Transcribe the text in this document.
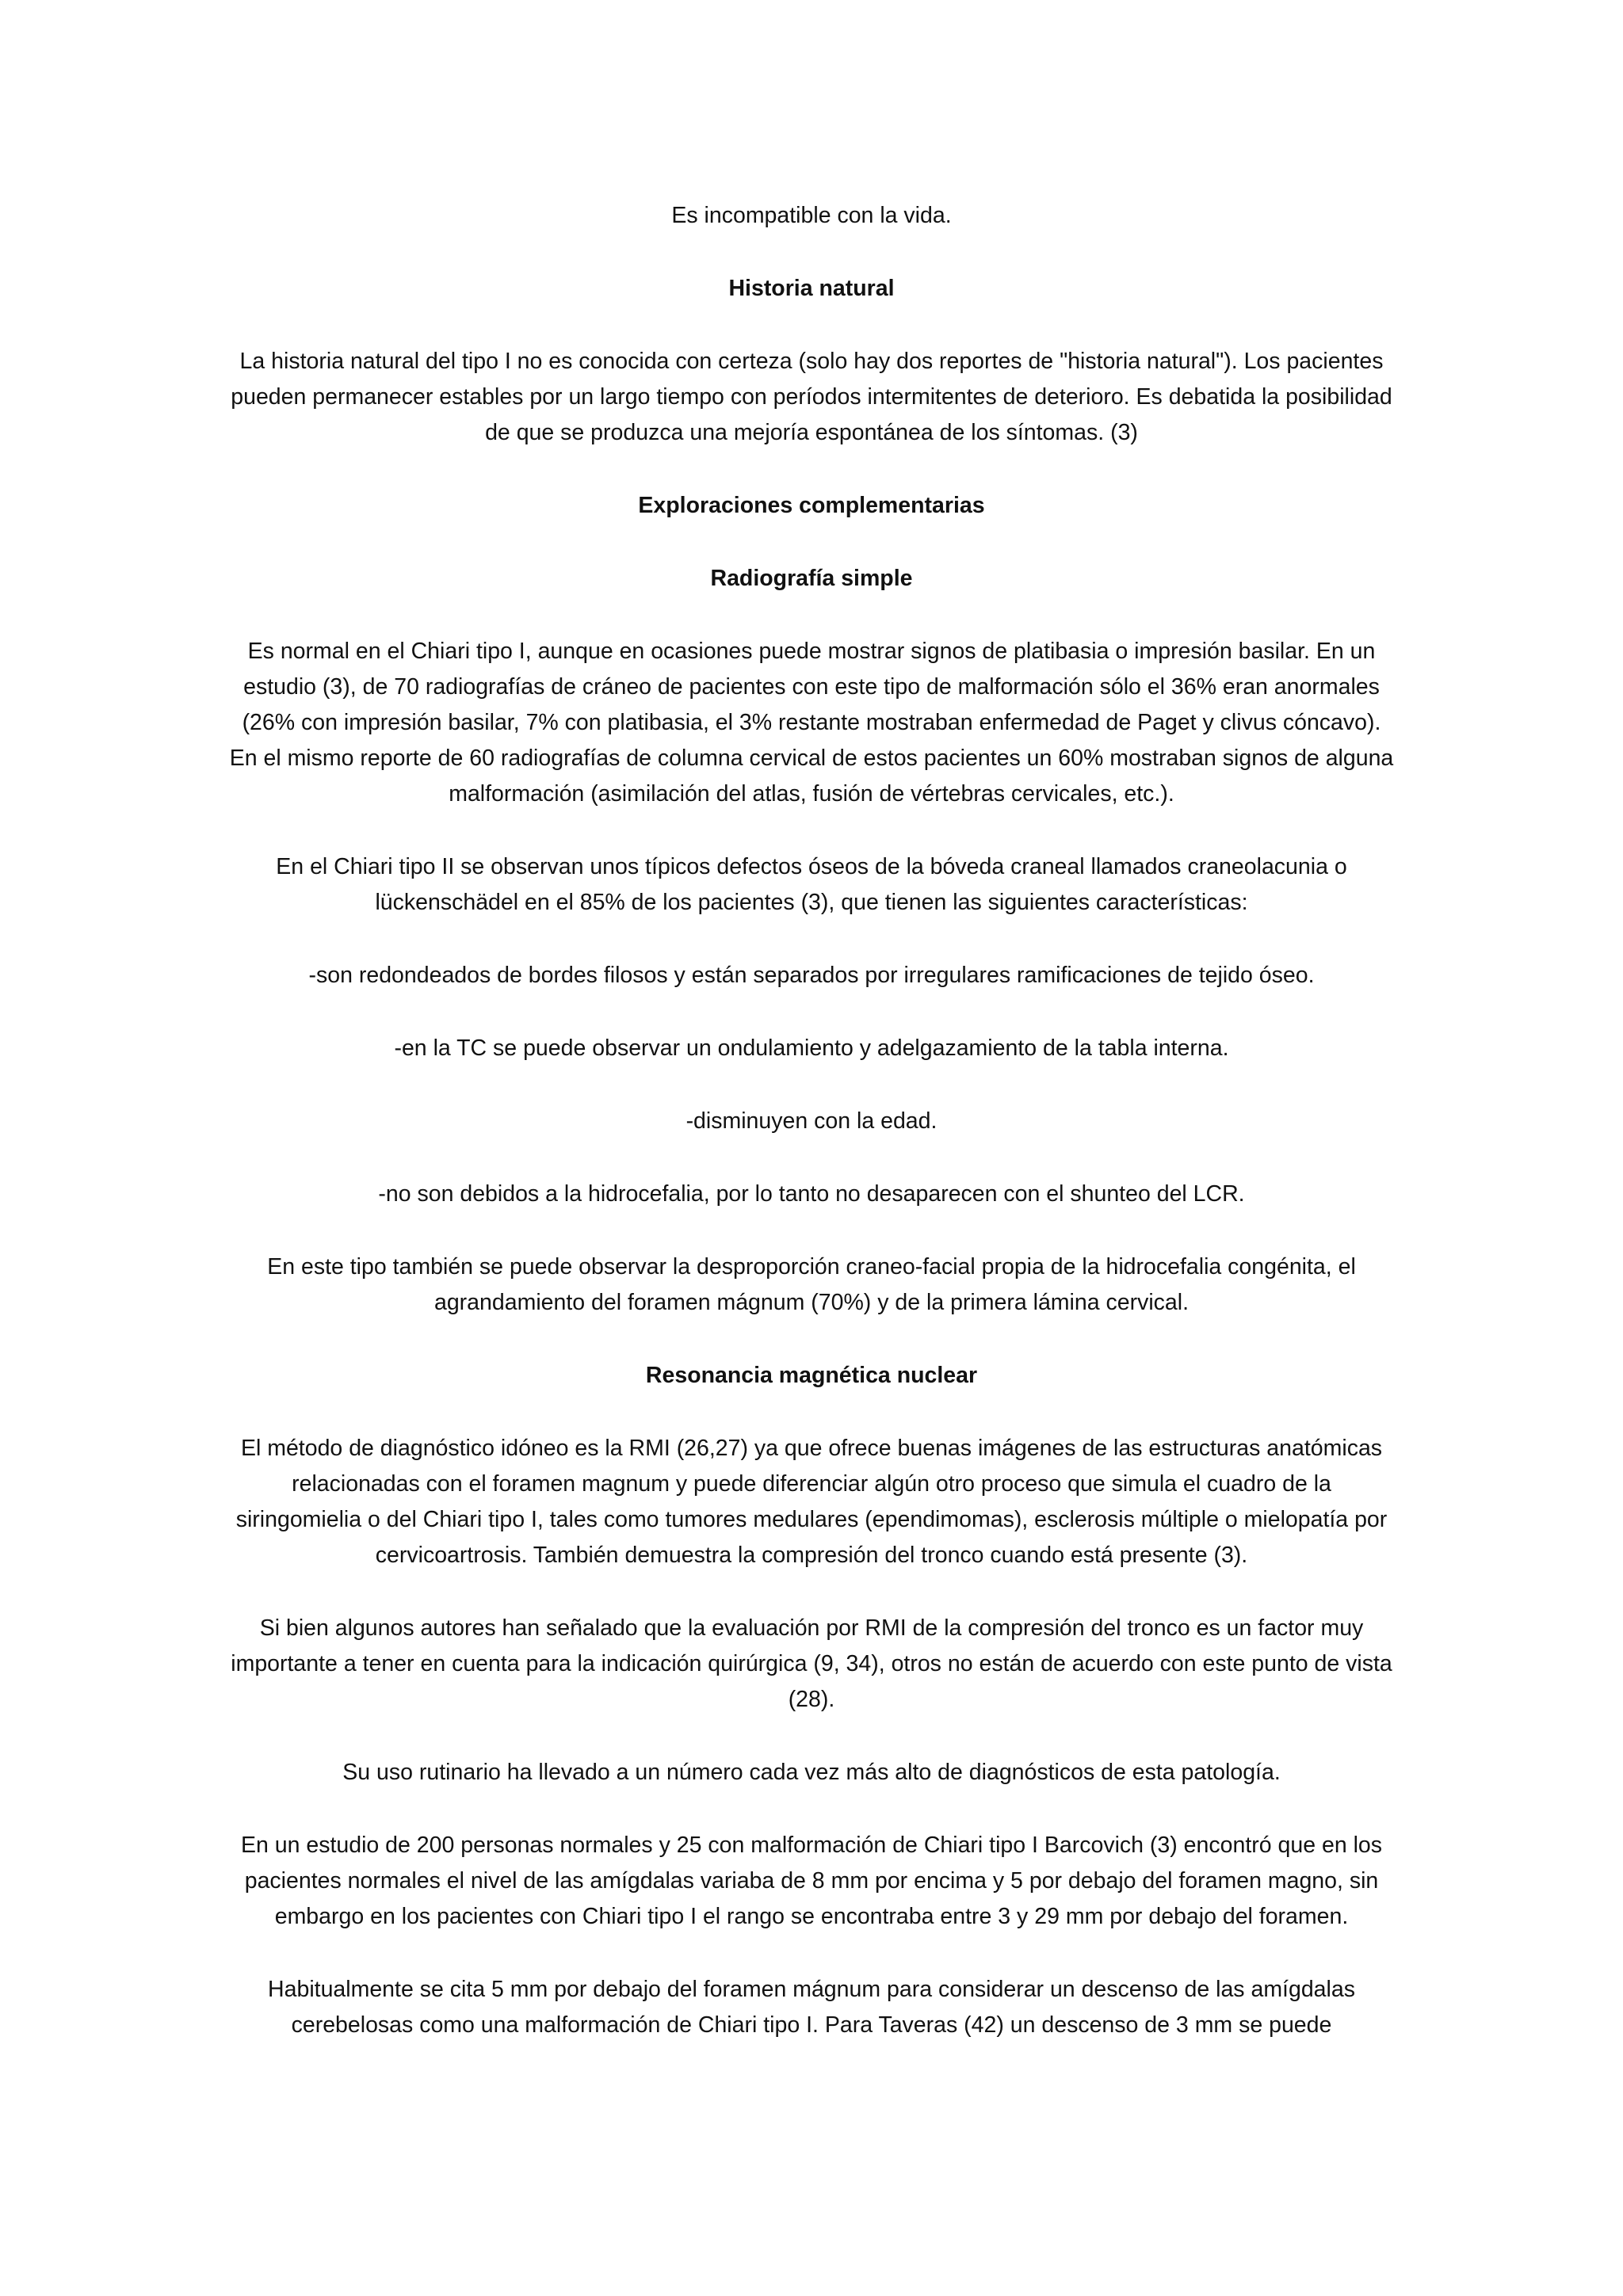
Es incompatible con la vida.

Historia natural

La historia natural del tipo I no es conocida con certeza (solo hay dos reportes de "historia natural"). Los pacientes pueden permanecer estables por un largo tiempo con períodos intermitentes de deterioro. Es debatida la posibilidad de que se produzca una mejoría espontánea de los síntomas. (3)

Exploraciones complementarias
Radiografía simple

Es normal en el Chiari tipo I, aunque en ocasiones puede mostrar signos de platibasia o impresión basilar. En un estudio (3), de 70 radiografías de cráneo de pacientes con este tipo de malformación sólo el 36% eran anormales (26% con impresión basilar, 7% con platibasia, el 3% restante mostraban enfermedad de Paget y clivus cóncavo). En el mismo reporte de 60 radiografías de columna cervical de estos pacientes un 60% mostraban signos de alguna malformación (asimilación del atlas, fusión de vértebras cervicales, etc.).

En el Chiari tipo II se observan unos típicos defectos óseos de la bóveda craneal llamados craneolacunia o lückenschädel en el 85% de los pacientes (3), que tienen las siguientes características:

-son redondeados de bordes filosos y están separados por irregulares ramificaciones de tejido óseo.

-en la TC se puede observar un ondulamiento y adelgazamiento de la tabla interna.

-disminuyen con la edad.

-no son debidos a la hidrocefalia, por lo tanto no desaparecen con el shunteo del LCR.

En este tipo también se puede observar la desproporción craneo-facial propia de la hidrocefalia congénita, el agrandamiento del foramen mágnum (70%) y de la primera lámina cervical.

Resonancia magnética nuclear

El método de diagnóstico idóneo es la RMI (26,27) ya que ofrece buenas imágenes de las estructuras anatómicas relacionadas con el foramen magnum y puede diferenciar algún otro proceso que simula el cuadro de la siringomielia o del Chiari tipo I, tales como tumores medulares (ependimomas), esclerosis múltiple o mielopatía por cervicoartrosis. También demuestra la compresión del tronco cuando está presente (3).

Si bien algunos autores han señalado que la evaluación por RMI de la compresión del tronco es un factor muy importante a tener en cuenta para la indicación quirúrgica (9, 34), otros no están de acuerdo con este punto de vista (28).

Su uso rutinario ha llevado a un número cada vez más alto de diagnósticos de esta patología.

En un estudio de 200 personas normales y 25 con malformación de Chiari tipo I Barcovich (3) encontró que en los pacientes normales el nivel de las amígdalas variaba de 8 mm por encima y 5 por debajo del foramen magno, sin embargo en los pacientes con Chiari tipo I el rango se encontraba entre 3 y 29 mm por debajo del foramen.

Habitualmente se cita 5 mm por debajo del foramen mágnum para considerar un descenso de las amígdalas cerebelosas como una malformación de Chiari tipo I. Para Taveras (42) un descenso de 3 mm se puede
